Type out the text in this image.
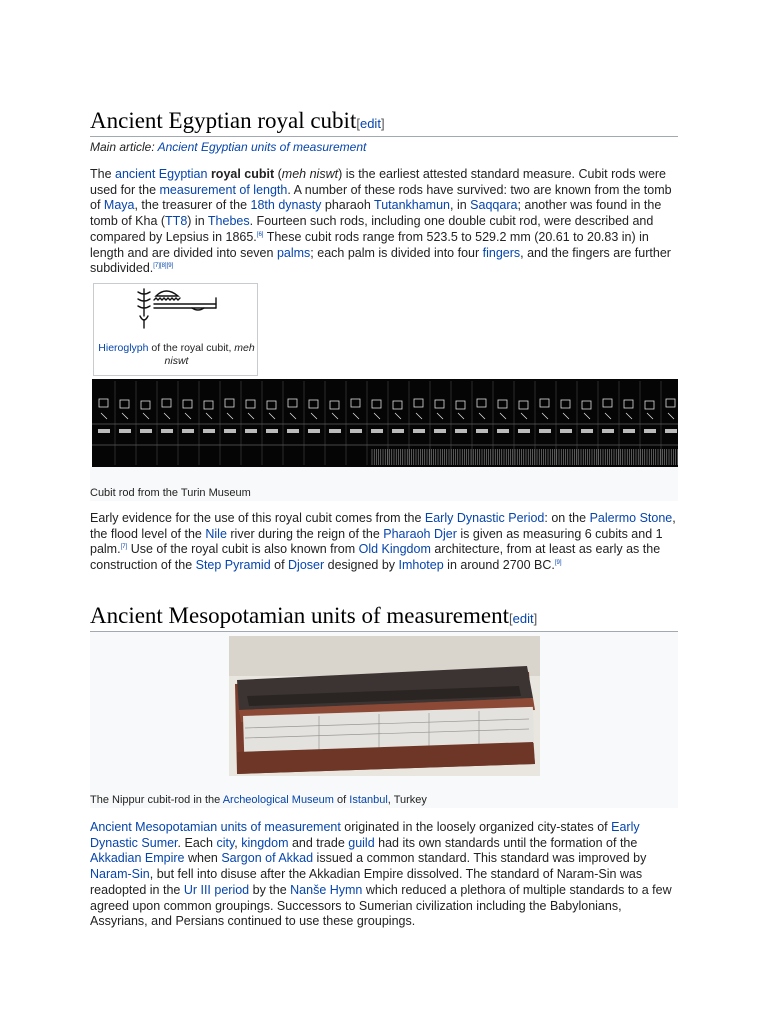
Ancient Egyptian royal cubit[edit]
Main article: Ancient Egyptian units of measurement

The ancient Egyptian royal cubit (meh niswt) is the earliest attested standard measure. Cubit rods were used for the measurement of length. A number of these rods have survived: two are known from the tomb of Maya, the treasurer of the 18th dynasty pharaoh Tutankhamun, in Saqqara; another was found in the tomb of Kha (TT8) in Thebes. Fourteen such rods, including one double cubit rod, were described and compared by Lepsius in 1865.[6] These cubit rods range from 523.5 to 529.2 mm (20.61 to 20.83 in) in length and are divided into seven palms; each palm is divided into four fingers, and the fingers are further subdivided.[7][8][9]

Hieroglyph of the royal cubit, meh niswt
Cubit rod from the Turin Museum

Early evidence for the use of this royal cubit comes from the Early Dynastic Period: on the Palermo Stone, the flood level of the Nile river during the reign of the Pharaoh Djer is given as measuring 6 cubits and 1 palm.[7] Use of the royal cubit is also known from Old Kingdom architecture, from at least as early as the construction of the Step Pyramid of Djoser designed by Imhotep in around 2700 BC.[9]

Ancient Mesopotamian units of measurement[edit]
The Nippur cubit-rod in the Archeological Museum of Istanbul, Turkey

Ancient Mesopotamian units of measurement originated in the loosely organized city-states of Early Dynastic Sumer. Each city, kingdom and trade guild had its own standards until the formation of the Akkadian Empire when Sargon of Akkad issued a common standard. This standard was improved by Naram-Sin, but fell into disuse after the Akkadian Empire dissolved. The standard of Naram-Sin was readopted in the Ur III period by the Nanše Hymn which reduced a plethora of multiple standards to a few agreed upon common groupings. Successors to Sumerian civilization including the Babylonians, Assyrians, and Persians continued to use these groupings.
